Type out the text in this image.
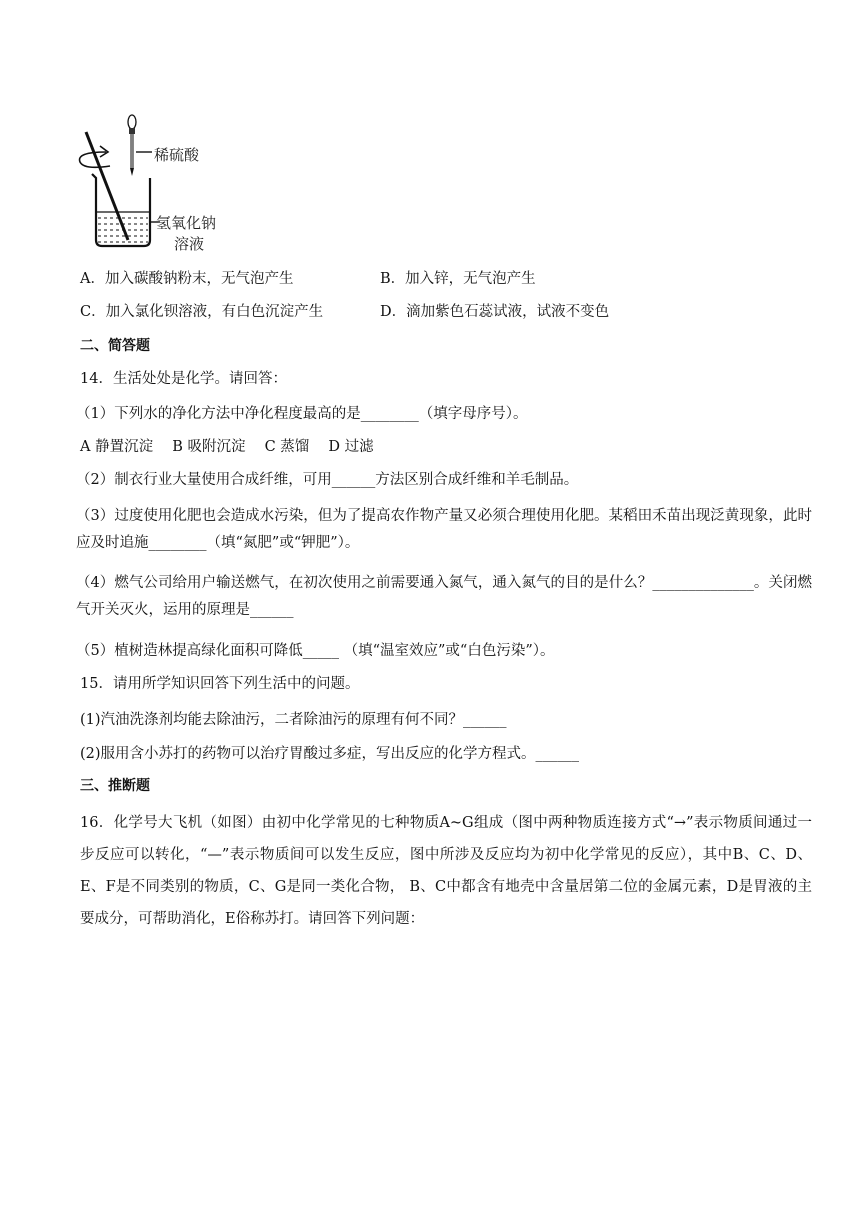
稀硫酸
氢氧化钠
溶液
A．加入碳酸钠粉末，无气泡产生	B．加入锌，无气泡产生
C．加入氯化钡溶液，有白色沉淀产生	D．滴加紫色石蕊试液，试液不变色
二、简答题
14．生活处处是化学。请回答：
（1）下列水的净化方法中净化程度最高的是________（填字母序号）。
A 静置沉淀　 B 吸附沉淀　 C 蒸馏　 D 过滤
（2）制衣行业大量使用合成纤维，可用______方法区别合成纤维和羊毛制品。
（3）过度使用化肥也会造成水污染，但为了提高农作物产量又必须合理使用化肥。某稻田禾苗出现泛黄现象，此时应及时追施________（填“氮肥”或“钾肥”）。
（4）燃气公司给用户输送燃气，在初次使用之前需要通入氮气，通入氮气的目的是什么？______________。关闭燃气开关灭火，运用的原理是______
（5）植树造林提高绿化面积可降低_____ （填“温室效应”或“白色污染”）。
15．请用所学知识回答下列生活中的问题。
(1)汽油洗涤剂均能去除油污，二者除油污的原理有何不同？______
(2)服用含小苏打的药物可以治疗胃酸过多症，写出反应的化学方程式。______
三、推断题
16．化学号大飞机（如图）由初中化学常见的七种物质A~G组成（图中两种物质连接方式“→”表示物质间通过一步反应可以转化，“—”表示物质间可以发生反应，图中所涉及反应均为初中化学常见的反应），其中B、C、D、E、F是不同类别的物质，C、G是同一类化合物， B、C中都含有地壳中含量居第二位的金属元素，D是胃液的主要成分，可帮助消化，E俗称苏打。请回答下列问题：
